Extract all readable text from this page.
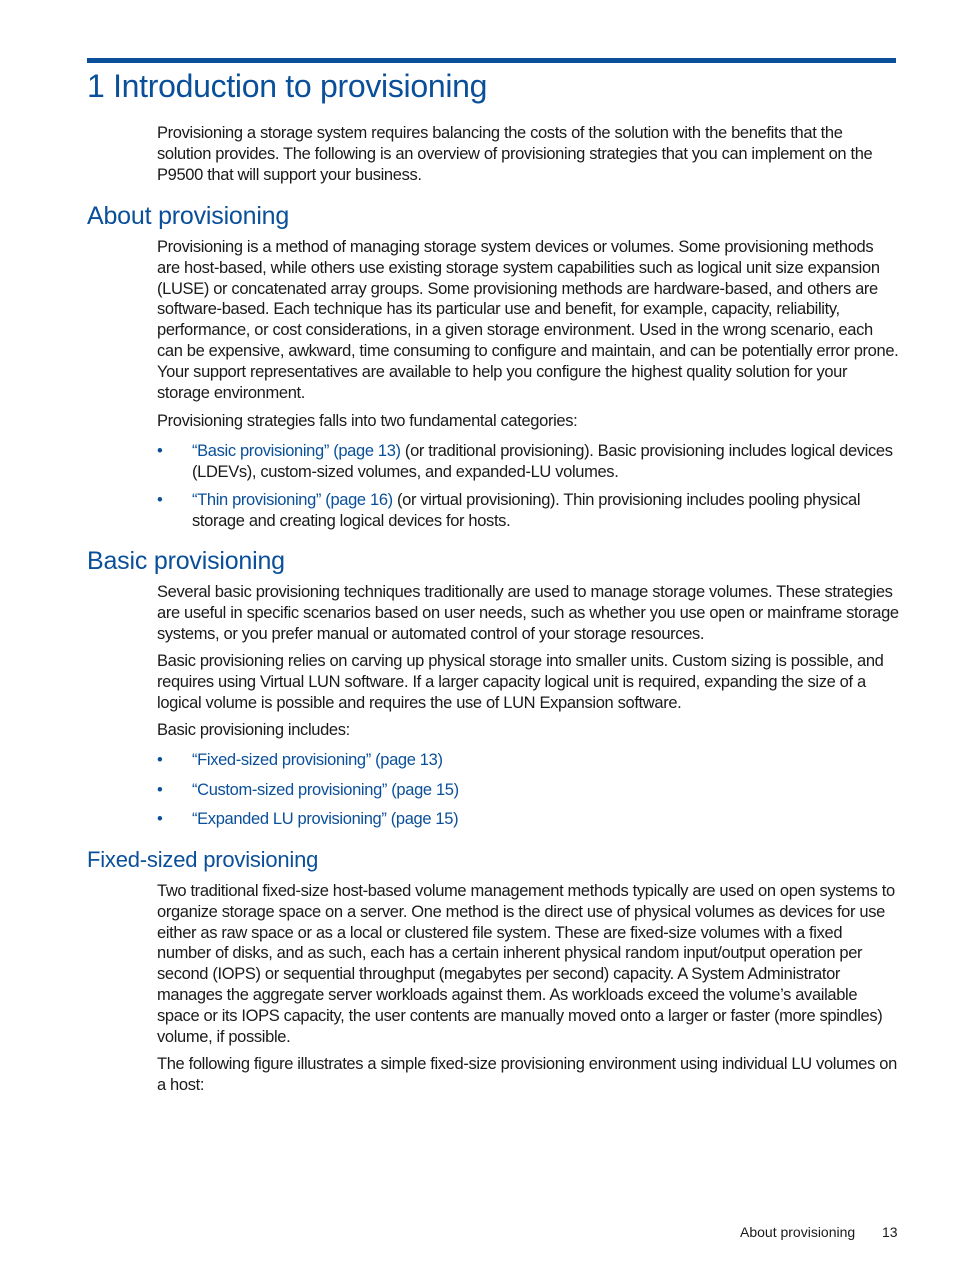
1 Introduction to provisioning

Provisioning a storage system requires balancing the costs of the solution with the benefits that the solution provides. The following is an overview of provisioning strategies that you can implement on the P9500 that will support your business.

About provisioning

Provisioning is a method of managing storage system devices or volumes. Some provisioning methods are host-based, while others use existing storage system capabilities such as logical unit size expansion (LUSE) or concatenated array groups. Some provisioning methods are hardware-based, and others are software-based. Each technique has its particular use and benefit, for example, capacity, reliability, performance, or cost considerations, in a given storage environment. Used in the wrong scenario, each can be expensive, awkward, time consuming to configure and maintain, and can be potentially error prone. Your support representatives are available to help you configure the highest quality solution for your storage environment.

Provisioning strategies falls into two fundamental categories:

•	“Basic provisioning” (page 13) (or traditional provisioning). Basic provisioning includes logical devices (LDEVs), custom-sized volumes, and expanded-LU volumes.
•	“Thin provisioning” (page 16) (or virtual provisioning). Thin provisioning includes pooling physical storage and creating logical devices for hosts.
Basic provisioning

Several basic provisioning techniques traditionally are used to manage storage volumes. These strategies are useful in specific scenarios based on user needs, such as whether you use open or mainframe storage systems, or you prefer manual or automated control of your storage resources.

Basic provisioning relies on carving up physical storage into smaller units. Custom sizing is possible, and requires using Virtual LUN software. If a larger capacity logical unit is required, expanding the size of a logical volume is possible and requires the use of LUN Expansion software.

Basic provisioning includes:

•	“Fixed-sized provisioning” (page 13)
•	“Custom-sized provisioning” (page 15)
•	“Expanded LU provisioning” (page 15)
Fixed-sized provisioning

Two traditional fixed-size host-based volume management methods typically are used on open systems to organize storage space on a server. One method is the direct use of physical volumes as devices for use either as raw space or as a local or clustered file system. These are fixed-size volumes with a fixed number of disks, and as such, each has a certain inherent physical random input/output operation per second (IOPS) or sequential throughput (megabytes per second) capacity. A System Administrator manages the aggregate server workloads against them. As workloads exceed the volume’s available space or its IOPS capacity, the user contents are manually moved onto a larger or faster (more spindles) volume, if possible.

The following figure illustrates a simple fixed-size provisioning environment using individual LU volumes on a host:

About provisioning 13
